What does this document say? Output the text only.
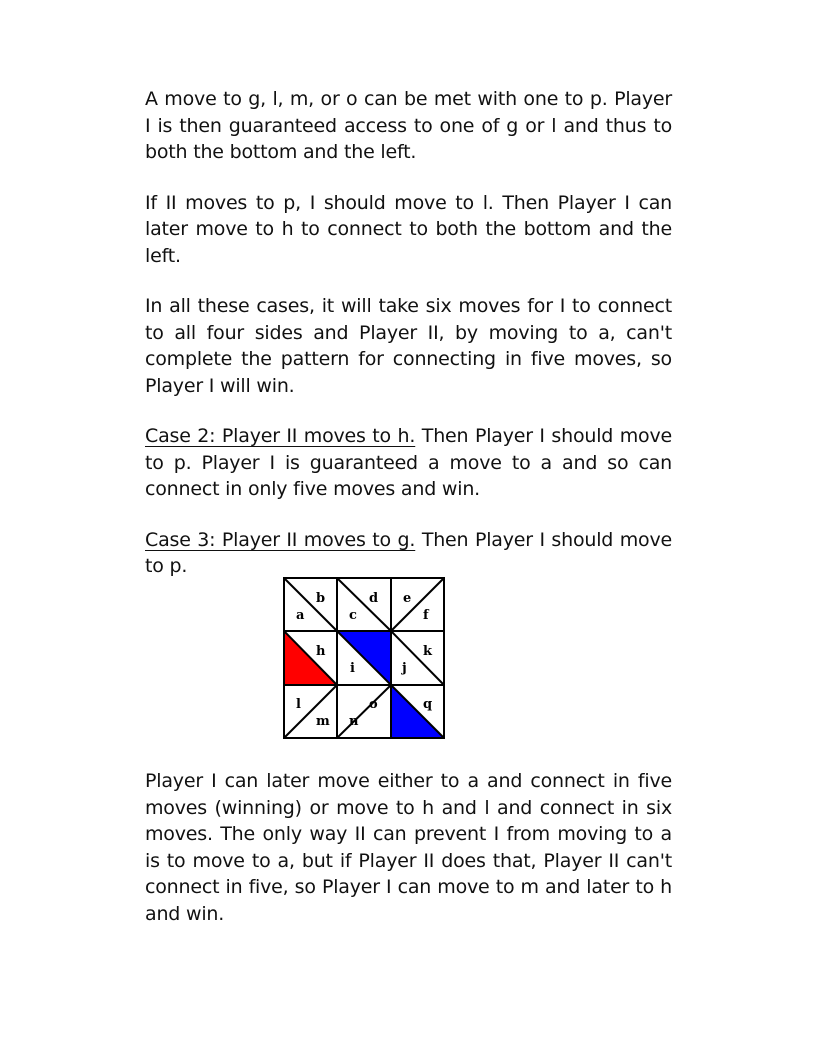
A move to g, l, m, or o can be met with one to p. Player I is then guaranteed access to one of g or l and thus to both the bottom and the left.

If II moves to p, I should move to l. Then Player I can later move to h to connect to both the bottom and the left.

In all these cases, it will take six moves for I to connect to all four sides and Player II, by moving to a, can't complete the pattern for connecting in five moves, so Player I will win.

Case 2: Player II moves to h. Then Player I should move to p. Player I is guaranteed a move to a and so can connect in only five moves and win.

Case 3: Player II moves to g. Then Player I should move to p.

a
b
c
d e
f
h
i	j
k
l
m n
o	q

Player I can later move either to a and connect in five moves (winning) or move to h and l and connect in six moves. The only way II can prevent I from moving to a is to move to a, but if Player II does that, Player II can't connect in five, so Player I can move to m and later to h and win.
